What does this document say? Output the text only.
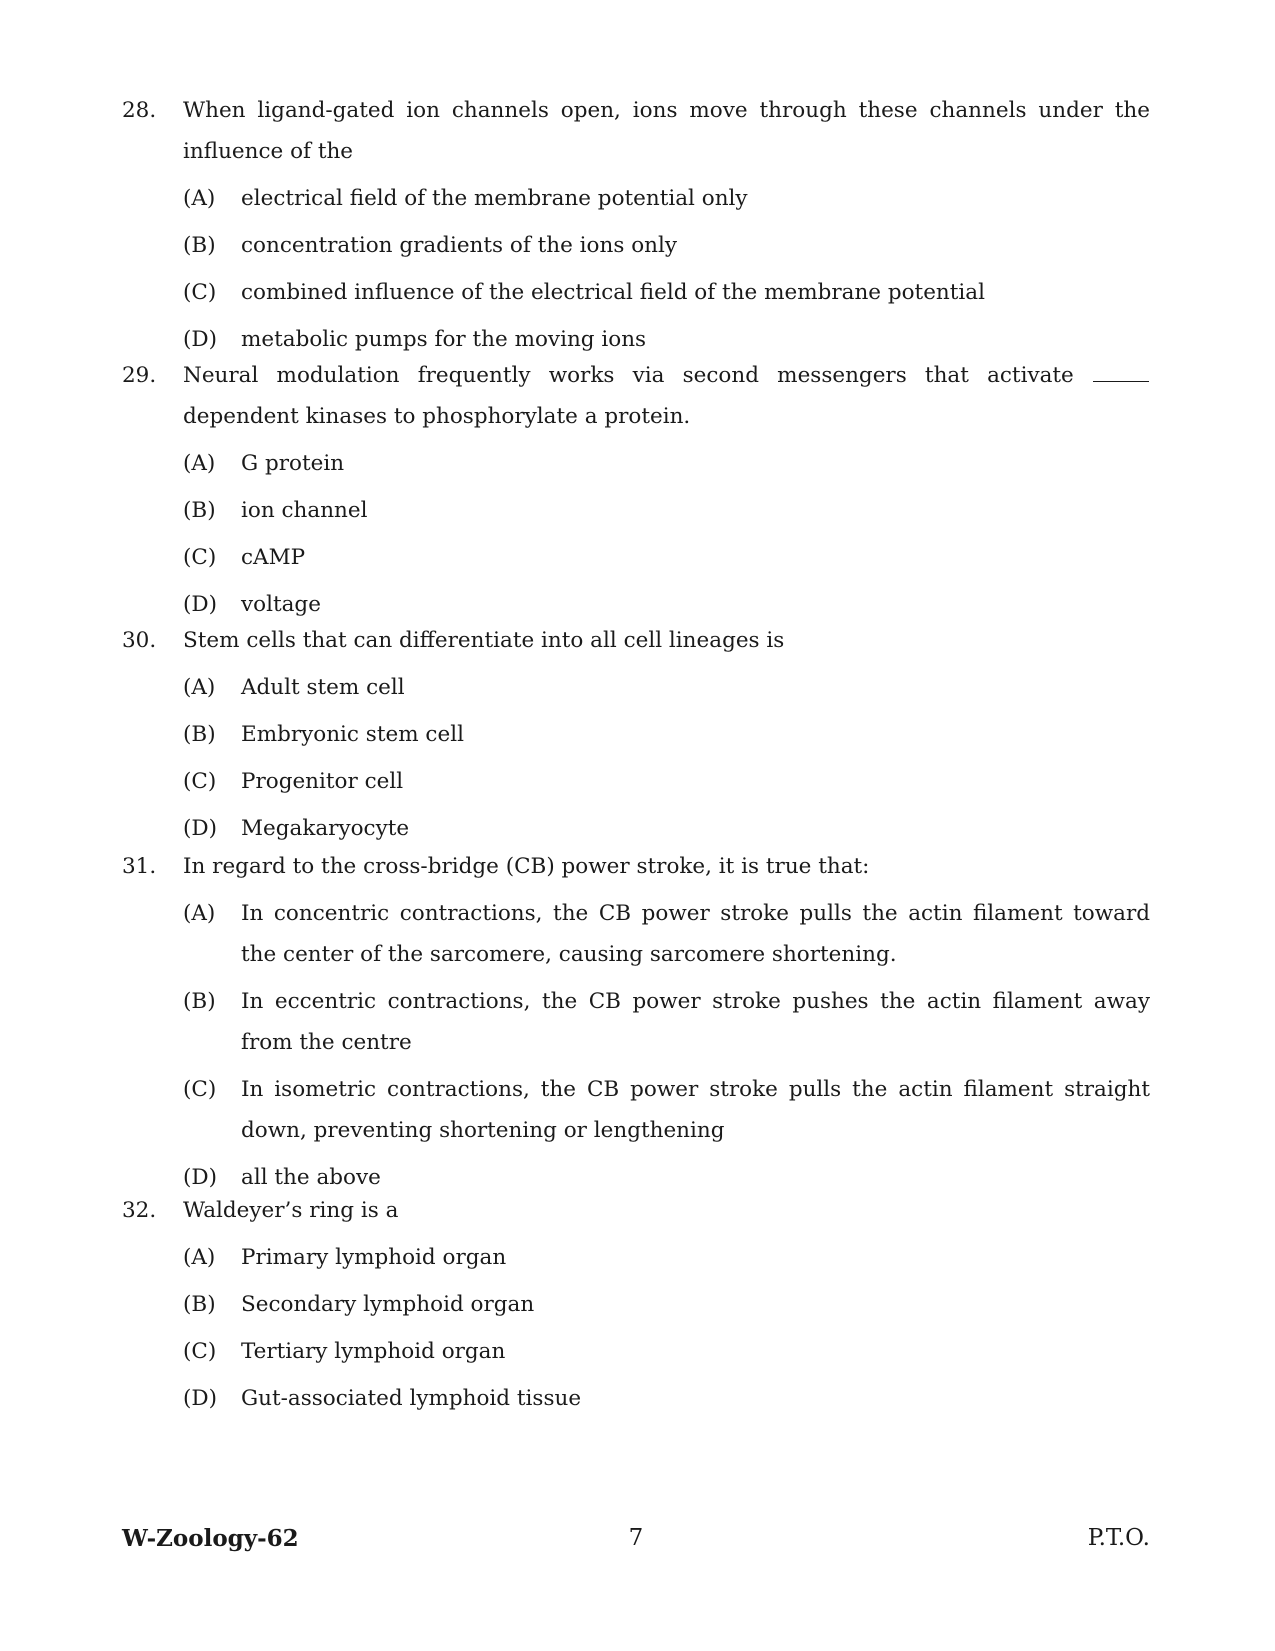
28. When ligand-gated ion channels open, ions move through these channels under the influence of the
(A) electrical field of the membrane potential only
(B) concentration gradients of the ions only
(C) combined influence of the electrical field of the membrane potential
(D) metabolic pumps for the moving ions
29. Neural modulation frequently works via second messengers that activate dependent kinases to phosphorylate a protein.
(A) G protein
(B) ion channel
(C) cAMP
(D) voltage
30. Stem cells that can differentiate into all cell lineages is
(A) Adult stem cell
(B) Embryonic stem cell
(C) Progenitor cell
(D) Megakaryocyte
31. In regard to the cross-bridge (CB) power stroke, it is true that:
(A) In concentric contractions, the CB power stroke pulls the actin filament toward the center of the sarcomere, causing sarcomere shortening.
(B) In eccentric contractions, the CB power stroke pushes the actin filament away from the centre
(C) In isometric contractions, the CB power stroke pulls the actin filament straight down, preventing shortening or lengthening
(D) all the above
32. Waldeyer’s ring is a
(A) Primary lymphoid organ
(B) Secondary lymphoid organ
(C) Tertiary lymphoid organ
(D) Gut-associated lymphoid tissue
W-Zoology-62	7	P.T.O.
